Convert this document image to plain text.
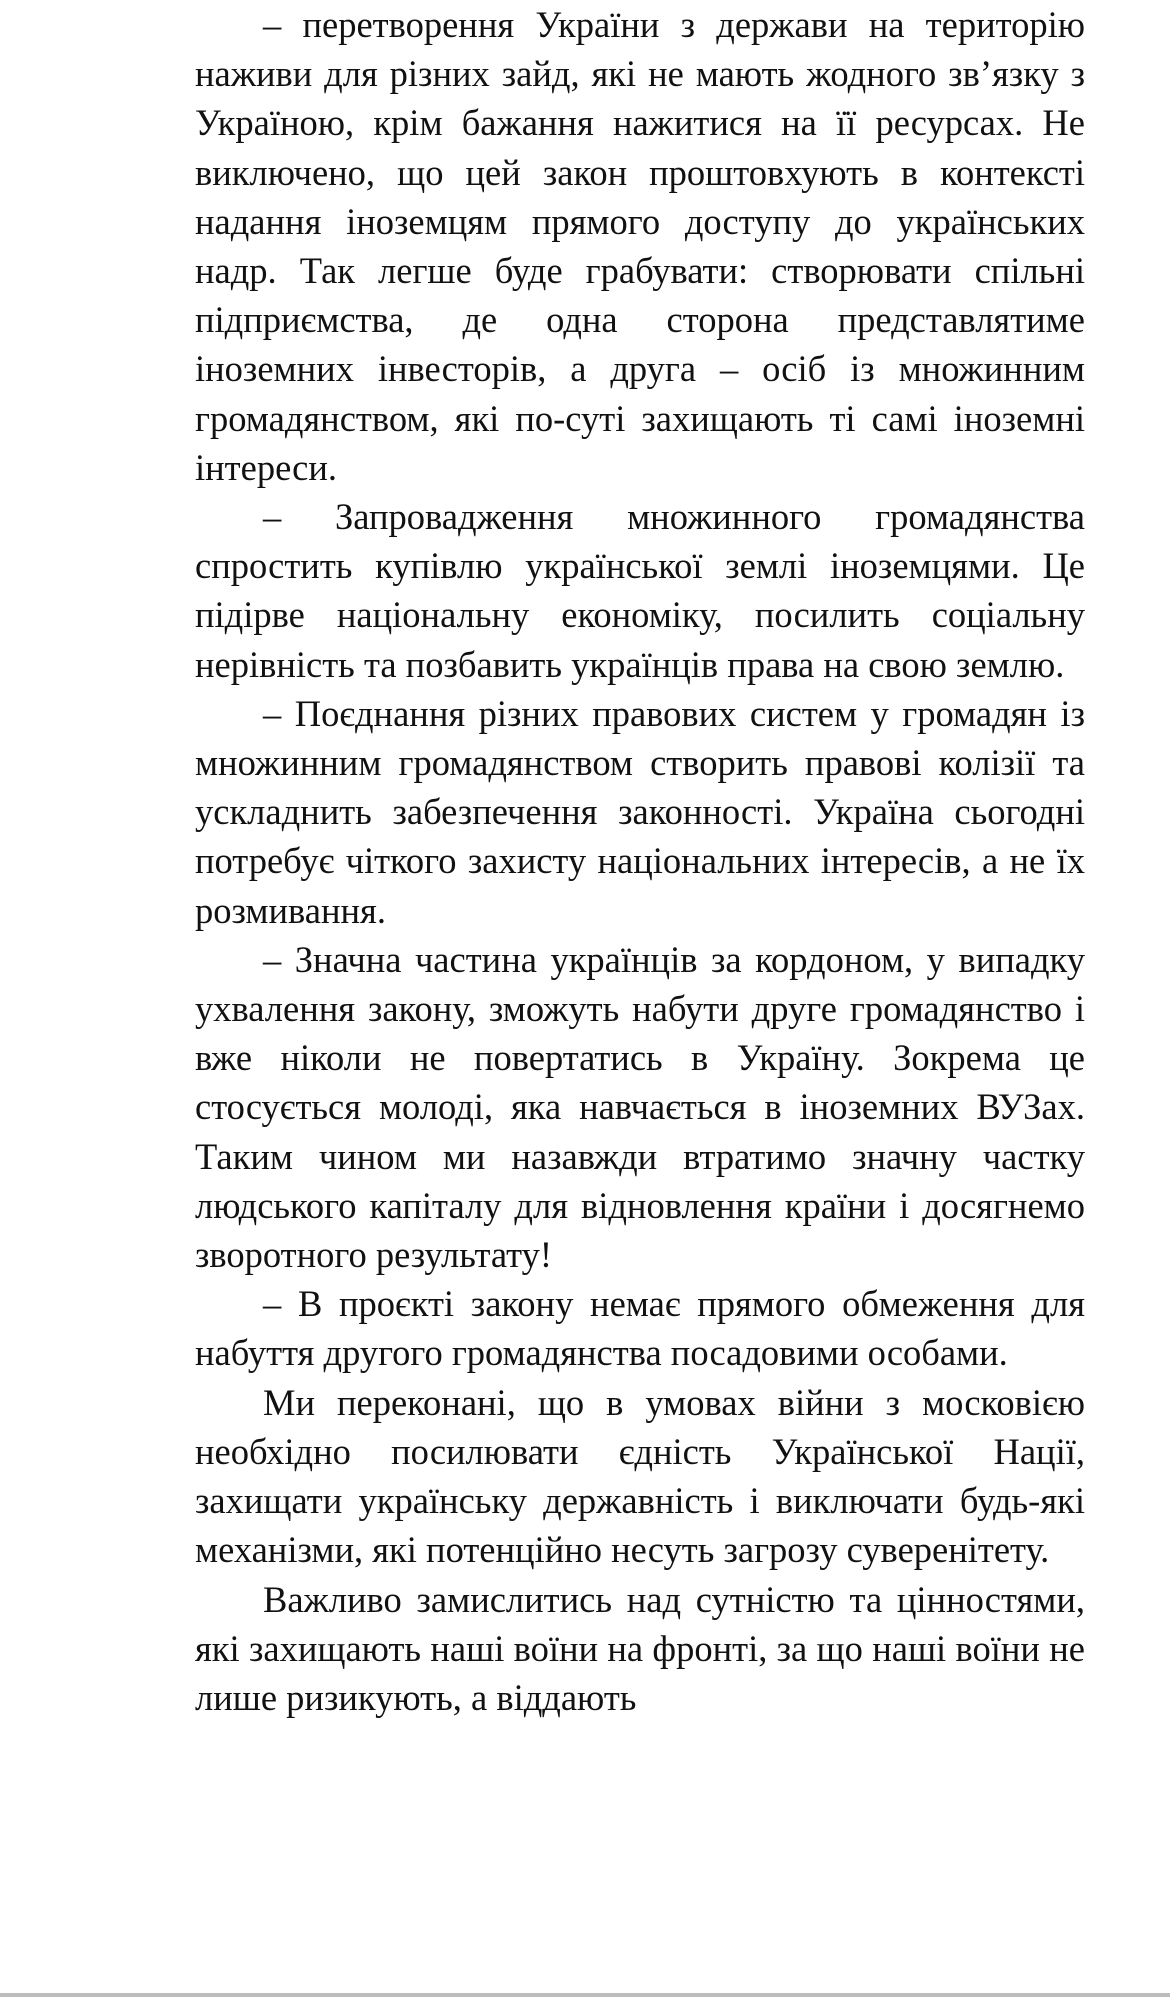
– перетворення України з держави на територію наживи для різних зайд, які не мають жодного зв’язку з Україною, крім бажання нажитися на її ресурсах. Не виключено, що цей закон проштовхують в контексті надання іноземцям прямого доступу до українських надр. Так легше буде грабувати: створювати спільні підприємства, де одна сторона представлятиме іноземних інвесторів, а друга – осіб із множинним громадянством, які по-суті захищають ті самі іноземні інтереси.

– Запровадження множинного громадянства спростить купівлю української землі іноземцями. Це підірве національну економіку, посилить соціальну нерівність та позбавить українців права на свою землю.

– Поєднання різних правових систем у громадян із множинним громадянством створить правові колізії та ускладнить забезпечення законності. Україна сьогодні потребує чіткого захисту національних інтересів, а не їх розмивання.

– Значна частина українців за кордоном, у випадку ухвалення закону, зможуть набути друге громадянство і вже ніколи не повертатись в Україну. Зокрема це стосується молоді, яка навчається в іноземних ВУЗах. Таким чином ми назавжди втратимо значну частку людського капіталу для відновлення країни і досягнемо зворотного результату!

– В проєкті закону немає прямого обмеження для набуття другого громадянства посадовими особами.

Ми переконані, що в умовах війни з московією необхідно посилювати єдність Української Нації, захищати українську державність і виключати будь-які механізми, які потенційно несуть загрозу суверенітету.

Важливо замислитись над сутністю та цінностями, які захищають наші воїни на фронті, за що наші воїни не лише ризикують, а віддають
